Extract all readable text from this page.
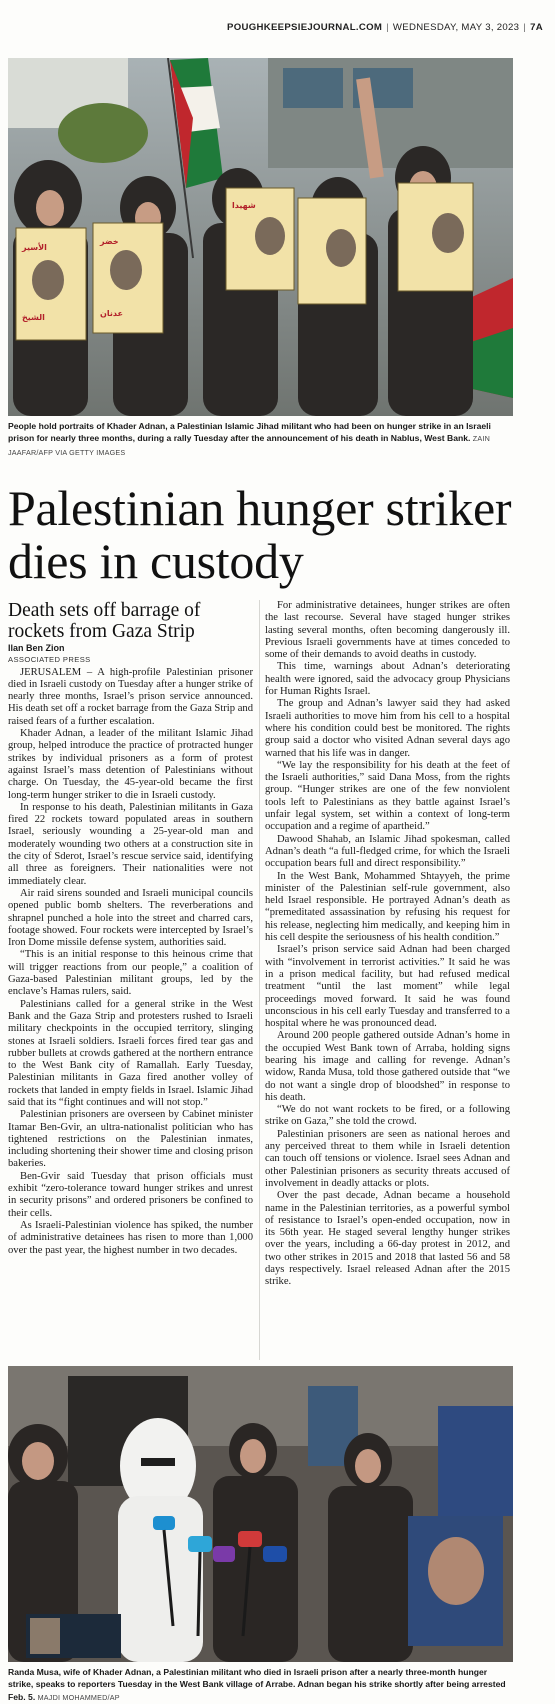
POUGHKEEPSIEJOURNAL.COM | WEDNESDAY, MAY 3, 2023 | 7A
الأسير
الشيخ
خضر
عدنان
شهيدا
People hold portraits of Khader Adnan, a Palestinian Islamic Jihad militant who had been on hunger strike in an Israeli prison for nearly three months, during a rally Tuesday after the announcement of his death in Nablus, West Bank. ZAIN JAAFAR/AFP VIA GETTY IMAGES
Palestinian hunger striker dies in custody

Death sets off barrage of rockets from Gaza Strip

Ilan Ben Zion

ASSOCIATED PRESS

JERUSALEM – A high-profile Palestinian prisoner died in Israeli custody on Tuesday after a hunger strike of nearly three months, Israel’s prison service announced. His death set off a rocket barrage from the Gaza Strip and raised fears of a further escalation.

Khader Adnan, a leader of the militant Islamic Jihad group, helped introduce the practice of protracted hunger strikes by individual prisoners as a form of protest against Israel’s mass detention of Palestinians without charge. On Tuesday, the 45-year-old became the first long-term hunger striker to die in Israeli custody.

In response to his death, Palestinian militants in Gaza fired 22 rockets toward populated areas in southern Israel, seriously wounding a 25-year-old man and moderately wounding two others at a construction site in the city of Sderot, Israel’s rescue service said, identifying all three as foreigners. Their nationalities were not immediately clear.

Air raid sirens sounded and Israeli municipal councils opened public bomb shelters. The reverberations and shrapnel punched a hole into the street and charred cars, footage showed. Four rockets were intercepted by Israel’s Iron Dome missile defense system, authorities said.

“This is an initial response to this heinous crime that will trigger reactions from our people,” a coalition of Gaza-based Palestinian militant groups, led by the enclave’s Hamas rulers, said.

Palestinians called for a general strike in the West Bank and the Gaza Strip and protesters rushed to Israeli military checkpoints in the occupied territory, slinging stones at Israeli soldiers. Israeli forces fired tear gas and rubber bullets at crowds gathered at the northern entrance to the West Bank city of Ramallah. Early Tuesday, Palestinian militants in Gaza fired another volley of rockets that landed in empty fields in Israel. Islamic Jihad said that its “fight continues and will not stop.”

Palestinian prisoners are overseen by Cabinet minister Itamar Ben-Gvir, an ultra-nationalist politician who has tightened restrictions on the Palestinian inmates, including shortening their shower time and closing prison bakeries.

Ben-Gvir said Tuesday that prison officials must exhibit “zero-tolerance toward hunger strikes and unrest in security prisons” and ordered prisoners be confined to their cells.

As Israeli-Palestinian violence has spiked, the number of administrative detainees has risen to more than 1,000 over the past year, the highest number in two decades.

For administrative detainees, hunger strikes are often the last recourse. Several have staged hunger strikes lasting several months, often becoming dangerously ill. Previous Israeli governments have at times conceded to some of their demands to avoid deaths in custody.

This time, warnings about Adnan’s deteriorating health were ignored, said the advocacy group Physicians for Human Rights Israel.

The group and Adnan’s lawyer said they had asked Israeli authorities to move him from his cell to a hospital where his condition could best be monitored. The rights group said a doctor who visited Adnan several days ago warned that his life was in danger.

“We lay the responsibility for his death at the feet of the Israeli authorities,” said Dana Moss, from the rights group. “Hunger strikes are one of the few nonviolent tools left to Palestinians as they battle against Israel’s unfair legal system, set within a context of long-term occupation and a regime of apartheid.”

Dawood Shahab, an Islamic Jihad spokesman, called Adnan’s death “a full-fledged crime, for which the Israeli occupation bears full and direct responsibility.”

In the West Bank, Mohammed Shtayyeh, the prime minister of the Palestinian self-rule government, also held Israel responsible. He portrayed Adnan’s death as “premeditated assassination by refusing his request for his release, neglecting him medically, and keeping him in his cell despite the seriousness of his health condition.”

Israel’s prison service said Adnan had been charged with “involvement in terrorist activities.” It said he was in a prison medical facility, but had refused medical treatment “until the last moment” while legal proceedings moved forward. It said he was found unconscious in his cell early Tuesday and transferred to a hospital where he was pronounced dead.

Around 200 people gathered outside Adnan’s home in the occupied West Bank town of Arraba, holding signs bearing his image and calling for revenge. Adnan’s widow, Randa Musa, told those gathered outside that “we do not want a single drop of bloodshed” in response to his death.

“We do not want rockets to be fired, or a following strike on Gaza,” she told the crowd.

Palestinian prisoners are seen as national heroes and any perceived threat to them while in Israeli detention can touch off tensions or violence. Israel sees Adnan and other Palestinian prisoners as security threats accused of involvement in deadly attacks or plots.

Over the past decade, Adnan became a household name in the Palestinian territories, as a powerful symbol of resistance to Israel’s open-ended occupation, now in its 56th year. He staged several lengthy hunger strikes over the years, including a 66-day protest in 2012, and two other strikes in 2015 and 2018 that lasted 56 and 58 days respectively. Israel released Adnan after the 2015 strike.

Randa Musa, wife of Khader Adnan, a Palestinian militant who died in Israeli prison after a nearly three-month hunger strike, speaks to reporters Tuesday in the West Bank village of Arrabe. Adnan began his strike shortly after being arrested Feb. 5. MAJDI MOHAMMED/AP
